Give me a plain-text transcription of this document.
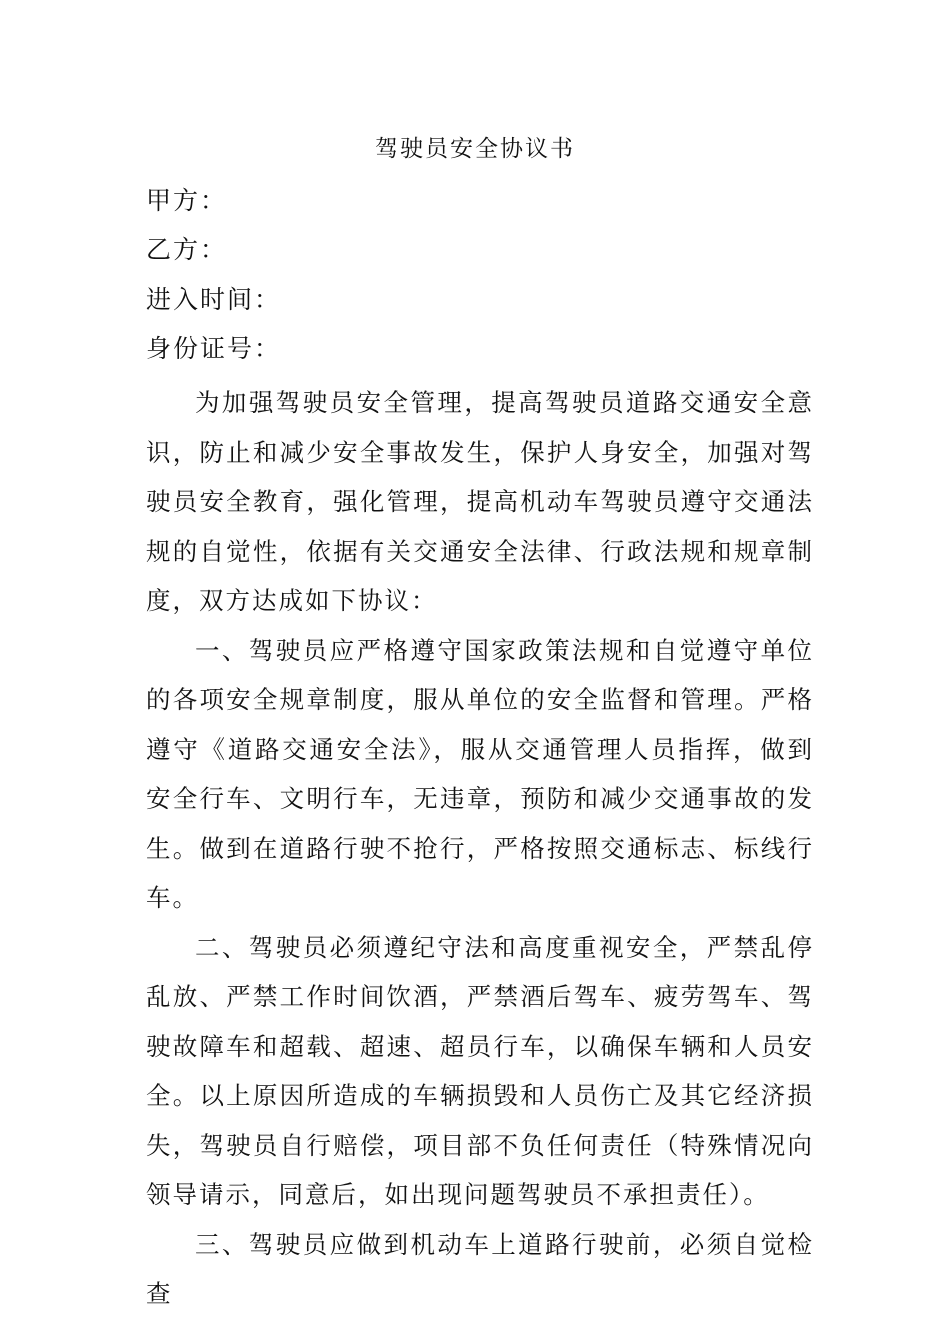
驾驶员安全协议书

甲方：

乙方：

进入时间：

身份证号：

为加强驾驶员安全管理，提高驾驶员道路交通安全意识，防止和减少安全事故发生，保护人身安全，加强对驾驶员安全教育，强化管理，提高机动车驾驶员遵守交通法规的自觉性，依据有关交通安全法律、行政法规和规章制度，双方达成如下协议：

一、驾驶员应严格遵守国家政策法规和自觉遵守单位的各项安全规章制度，服从单位的安全监督和管理。严格遵守《道路交通安全法》，服从交通管理人员指挥，做到安全行车、文明行车，无违章，预防和减少交通事故的发生。做到在道路行驶不抢行，严格按照交通标志、标线行车。

二、驾驶员必须遵纪守法和高度重视安全，严禁乱停乱放、严禁工作时间饮酒，严禁酒后驾车、疲劳驾车、驾驶故障车和超载、超速、超员行车，以确保车辆和人员安全。以上原因所造成的车辆损毁和人员伤亡及其它经济损失，驾驶员自行赔偿，项目部不负任何责任（特殊情况向领导请示，同意后，如出现问题驾驶员不承担责任）。

三、驾驶员应做到机动车上道路行驶前，必须自觉检查
